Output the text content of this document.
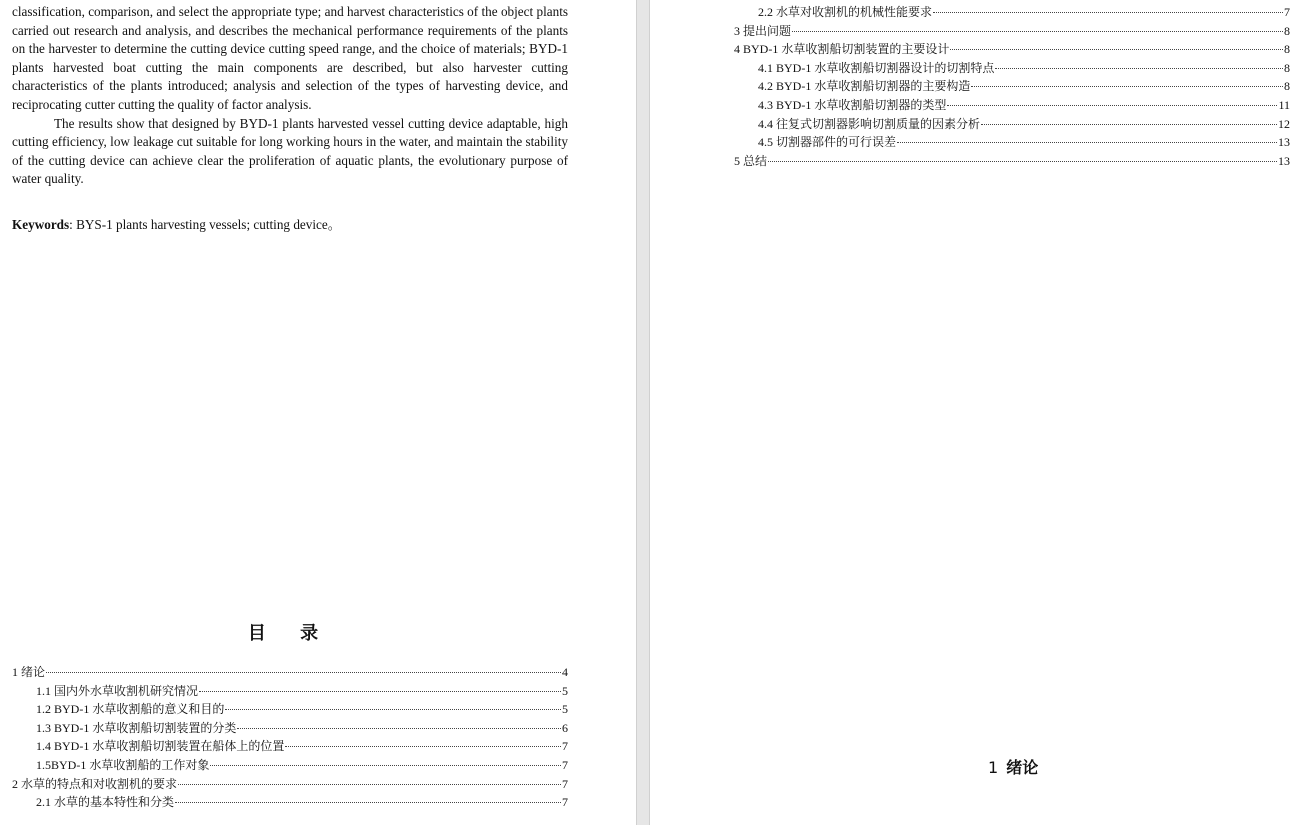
classification, comparison, and select the appropriate type; and harvest characteristics of the object plants carried out research and analysis, and describes the mechanical performance requirements of the plants on the harvester to determine the cutting device cutting speed range, and the choice of materials; BYD-1 plants harvested boat cutting the main components are described, but also harvester cutting characteristics of the plants introduced; analysis and selection of the types of harvesting device, and reciprocating cutter cutting the quality of factor analysis.

The results show that designed by BYD-1 plants harvested vessel cutting device adaptable, high cutting efficiency, low leakage cut suitable for long working hours in the water, and maintain the stability of the cutting device can achieve clear the proliferation of aquatic plants, the evolutionary purpose of water quality.

Keywords: BYS-1 plants harvesting vessels; cutting device。
目 录
1 绪论	4
1.1 国内外水草收割机研究情况	5
1.2 BYD-1 水草收割船的意义和目的	5
1.3 BYD-1 水草收割船切割装置的分类	6
1.4 BYD-1 水草收割船切割装置在船体上的位置	7
1.5BYD-1 水草收割船的工作对象	7
2 水草的特点和对收割机的要求	7
2.1 水草的基本特性和分类	7
2.2 水草对收割机的机械性能要求	7
3 提出问题	8
4 BYD-1 水草收割船切割装置的主要设计	8
4.1 BYD-1 水草收割船切割器设计的切割特点	8
4.2 BYD-1 水草收割船切割器的主要构造	8
4.3 BYD-1 水草收割船切割器的类型	11
4.4 往复式切割器影响切割质量的因素分析	12
4.5 切割器部件的可行误差	13
5 总结	13
1 绪论
